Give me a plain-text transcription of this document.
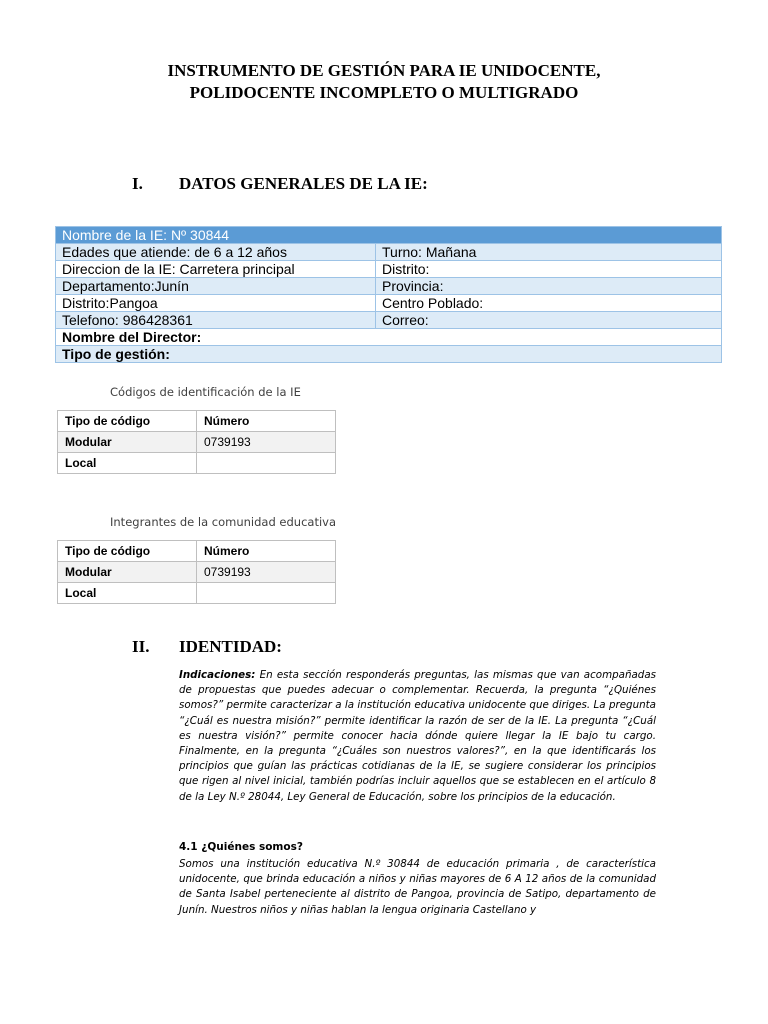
INSTRUMENTO DE GESTIÓN PARA IE UNIDOCENTE,
POLIDOCENTE INCOMPLETO O MULTIGRADO
I. DATOS GENERALES DE LA IE:
Nombre de la IE: Nº 30844	
Edades que atiende: de 6 a 12 años	Turno: Mañana
Direccion de la IE: Carretera principal	Distrito:
Departamento:Junín	Provincia:
Distrito:Pangoa	Centro Poblado:
Telefono: 986428361	Correo:
Nombre del Director:	
Tipo de gestión:	
Códigos de identificación de la IE
Tipo de código	Número
Modular	0739193
Local	
Integrantes de la comunidad educativa
Tipo de código	Número
Modular	0739193
Local	
II. IDENTIDAD:
Indicaciones: En esta sección responderás preguntas, las mismas que van acompañadas de propuestas que puedes adecuar o complementar. Recuerda, la pregunta “¿Quiénes somos?” permite caracterizar a la institución educativa unidocente que diriges. La pregunta “¿Cuál es nuestra misión?” permite identificar la razón de ser de la IE. La pregunta “¿Cuál es nuestra visión?” permite conocer hacia dónde quiere llegar la IE bajo tu cargo. Finalmente, en la pregunta “¿Cuáles son nuestros valores?”, en la que identificarás los principios que guían las prácticas cotidianas de la IE, se sugiere considerar los principios que rigen al nivel inicial, también podrías incluir aquellos que se establecen en el artículo 8 de la Ley N.º 28044, Ley General de Educación, sobre los principios de la educación.
4.1 ¿Quiénes somos?
Somos una institución educativa N.º 30844 de educación primaria , de característica unidocente, que brinda educación a niños y niñas mayores de 6 A 12 años de la comunidad de Santa Isabel perteneciente al distrito de Pangoa, provincia de Satipo, departamento de Junín. Nuestros niños y niñas hablan la lengua originaria Castellano y
